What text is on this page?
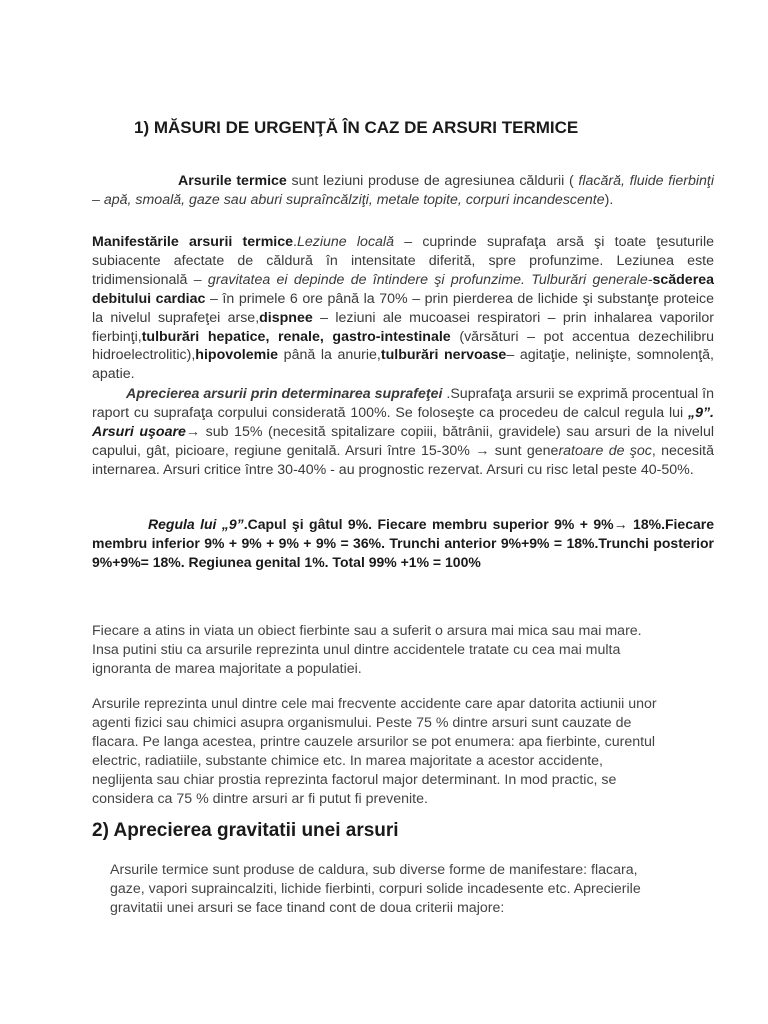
1) MĂSURI DE URGENŢĂ ÎN CAZ DE ARSURI TERMICE
Arsurile termice sunt leziuni produse de agresiunea căldurii ( flacără, fluide fierbinţi – apă, smoală, gaze sau aburi supraîncălziţi, metale topite, corpuri incandescente).
Manifestările arsurii termice.Leziune locală – cuprinde suprafaţa arsă şi toate ţesuturile subiacente afectate de căldură în intensitate diferită, spre profunzime. Leziunea este tridimensională – gravitatea ei depinde de întindere şi profunzime. Tulburări generale-scăderea debitului cardiac – în primele 6 ore până la 70% – prin pierderea de lichide şi substanţe proteice la nivelul suprafeţei arse,dispnee – leziuni ale mucoasei respiratori – prin inhalarea vaporilor fierbinţi,tulburări hepatice, renale, gastro-intestinale (vărsături – pot accentua dezechilibru hidroelectrolitic),hipovolemie până la anurie,tulburări nervoase– agitaţie, nelinişte, somnolenţă, apatie.
Aprecierea arsurii prin determinarea suprafeţei .Suprafaţa arsurii se exprimă procentual în raport cu suprafaţa corpului considerată 100%. Se foloseşte ca procedeu de calcul regula lui „9”. Arsuri uşoare→ sub 15% (necesită spitalizare copiii, bătrânii, gravidele) sau arsuri de la nivelul capului, gât, picioare, regiune genitală. Arsuri între 15-30% → sunt generatoare de şoc, necesită internarea. Arsuri critice între 30-40% - au prognostic rezervat. Arsuri cu risc letal peste 40-50%.
Regula lui „9”.Capul şi gâtul 9%. Fiecare membru superior 9% + 9%→ 18%.Fiecare membru inferior 9% + 9% + 9% + 9% = 36%. Trunchi anterior 9%+9% = 18%.Trunchi posterior 9%+9%= 18%. Regiunea genital 1%. Total 99% +1% = 100%
Fiecare a atins in viata un obiect fierbinte sau a suferit o arsura mai mica sau mai mare.
Insa putini stiu ca arsurile reprezinta unul dintre accidentele tratate cu cea mai multa
ignoranta de marea majoritate a populatiei.
Arsurile reprezinta unul dintre cele mai frecvente accidente care apar datorita actiunii unor
agenti fizici sau chimici asupra organismului. Peste 75 % dintre arsuri sunt cauzate de
flacara. Pe langa acestea, printre cauzele arsurilor se pot enumera: apa fierbinte, curentul
electric, radiatiile, substante chimice etc. In marea majoritate a acestor accidente,
neglijenta sau chiar prostia reprezinta factorul major determinant. In mod practic, se
considera ca 75 % dintre arsuri ar fi putut fi prevenite.
2) Aprecierea gravitatii unei arsuri
Arsurile termice sunt produse de caldura, sub diverse forme de manifestare: flacara,
gaze, vapori supraincalziti, lichide fierbinti, corpuri solide incadesente etc. Aprecierile
gravitatii unei arsuri se face tinand cont de doua criterii majore:
